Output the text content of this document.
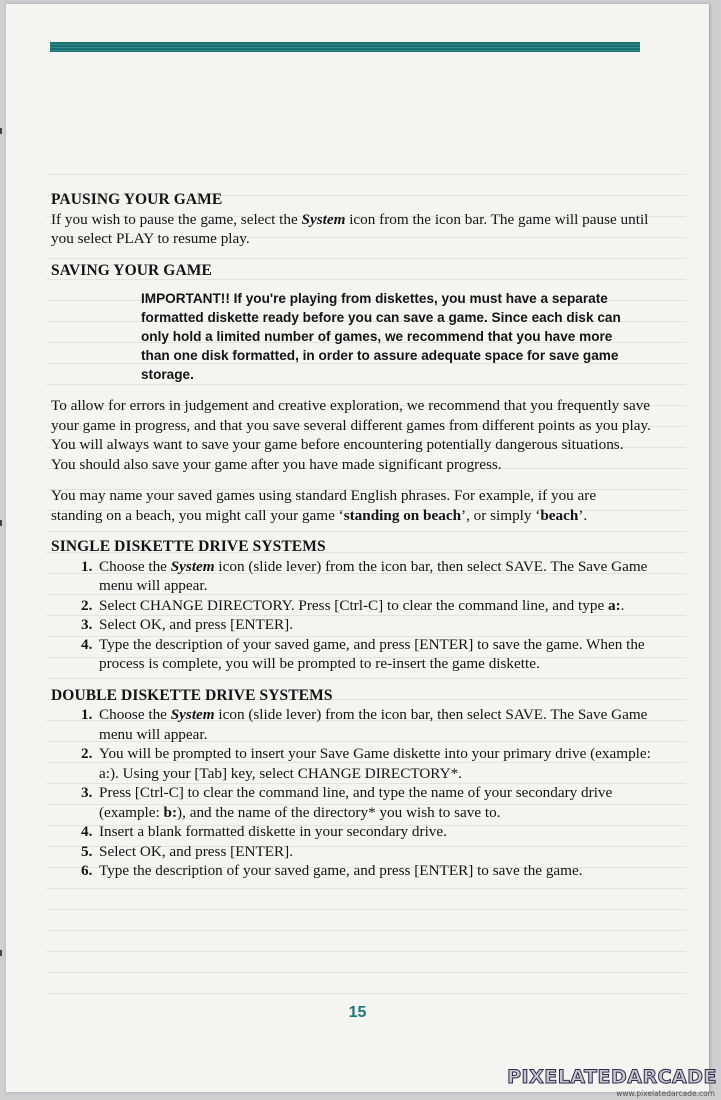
PAUSING YOUR GAME

If you wish to pause the game, select the System icon from the icon bar. The game will pause until you select PLAY to resume play.

SAVING YOUR GAME

IMPORTANT!! If you're playing from diskettes, you must have a separate formatted diskette ready before you can save a game. Since each disk can only hold a limited number of games, we recommend that you have more than one disk formatted, in order to assure adequate space for save game storage.

To allow for errors in judgement and creative exploration, we recommend that you frequently save your game in progress, and that you save several different games from different points as you play. You will always want to save your game before encountering potentially dangerous situations. You should also save your game after you have made significant progress.

You may name your saved games using standard English phrases. For example, if you are standing on a beach, you might call your game ‘standing on beach’, or simply ‘beach’.

SINGLE DISKETTE DRIVE SYSTEMS
1. Choose the System icon (slide lever) from the icon bar, then select SAVE. The Save Game menu will appear.
2. Select CHANGE DIRECTORY. Press [Ctrl-C] to clear the command line, and type a:.
3. Select OK, and press [ENTER].
4. Type the description of your saved game, and press [ENTER] to save the game. When the process is complete, you will be prompted to re-insert the game diskette.
DOUBLE DISKETTE DRIVE SYSTEMS
1. Choose the System icon (slide lever) from the icon bar, then select SAVE. The Save Game menu will appear.
2. You will be prompted to insert your Save Game diskette into your primary drive (example: a:). Using your [Tab] key, select CHANGE DIRECTORY*.
3. Press [Ctrl-C] to clear the command line, and type the name of your secondary drive (example: b:), and the name of the directory* you wish to save to.
4. Insert a blank formatted diskette in your secondary drive.
5. Select OK, and press [ENTER].
6. Type the description of your saved game, and press [ENTER] to save the game.
15
PIXELATEDARCADE
www.pixelatedarcade.com
